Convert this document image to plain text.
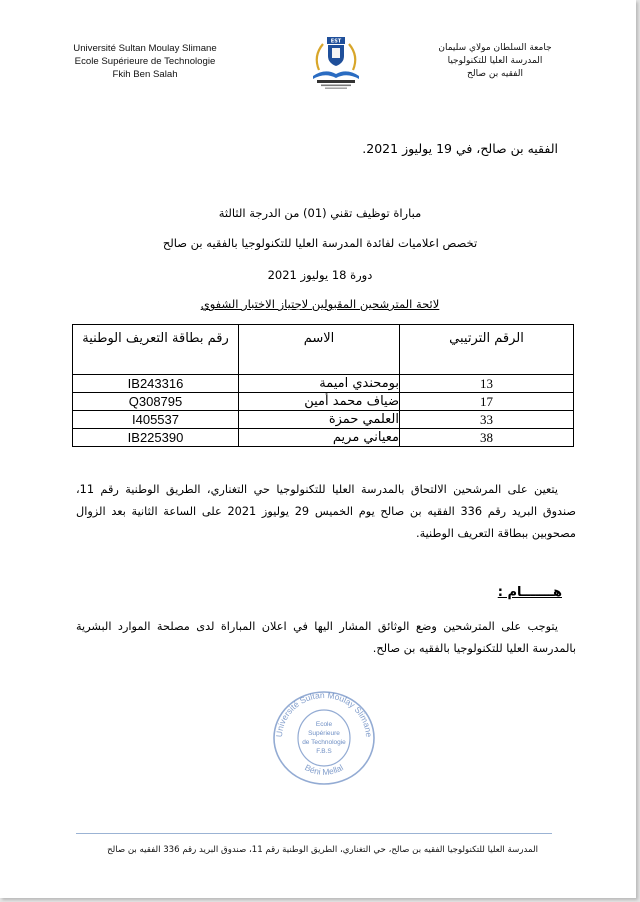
Université Sultan Moulay Slimane
Ecole Supérieure de Technologie
Fkih Ben Salah
EST
جامعة السلطان مولاي سليمان
المدرسة العليا للتكنولوجيا
الفقيه بن صالح
الفقيه بن صالح، في 19 يوليوز 2021.
مباراة توظيف تقني (01) من الدرجة الثالثة
تخصص اعلاميات لفائدة المدرسة العليا للتكنولوجيا بالفقيه بن صالح
دورة 18 يوليوز 2021
لائحة المترشحين المقبولين لاجتياز الاختبار الشفوي
الرقم الترتيبي	الاسم	رقم بطاقة التعريف الوطنية
13	بومحندي اميمة	IB243316
17	ضياف محمد أمين	Q308795
33	العلمي حمزة	I405537
38	معياني مريم	IB225390
يتعين على المرشحين الالتحاق بالمدرسة العليا للتكنولوجيا حي التغناري، الطريق الوطنية رقم 11، صندوق البريد رقم 336 الفقيه بن صالح يوم الخميس 29 يوليوز 2021 على الساعة الثانية بعد الزوال مصحوبين ببطاقة التعريف الوطنية.
هـــــــام :
يتوجب على المترشحين وضع الوثائق المشار اليها في اعلان المباراة لدى مصلحة الموارد البشرية بالمدرسة العليا للتكنولوجيا بالفقيه بن صالح.
Université Sultan Moulay Slimane
Béni Mellal
Ecole
Supérieure
de Technologie
F.B.S
المدرسة العليا للتكنولوجيا الفقيه بن صالح، حي التغناري، الطريق الوطنية رقم 11، صندوق البريد رقم 336 الفقيه بن صالح
